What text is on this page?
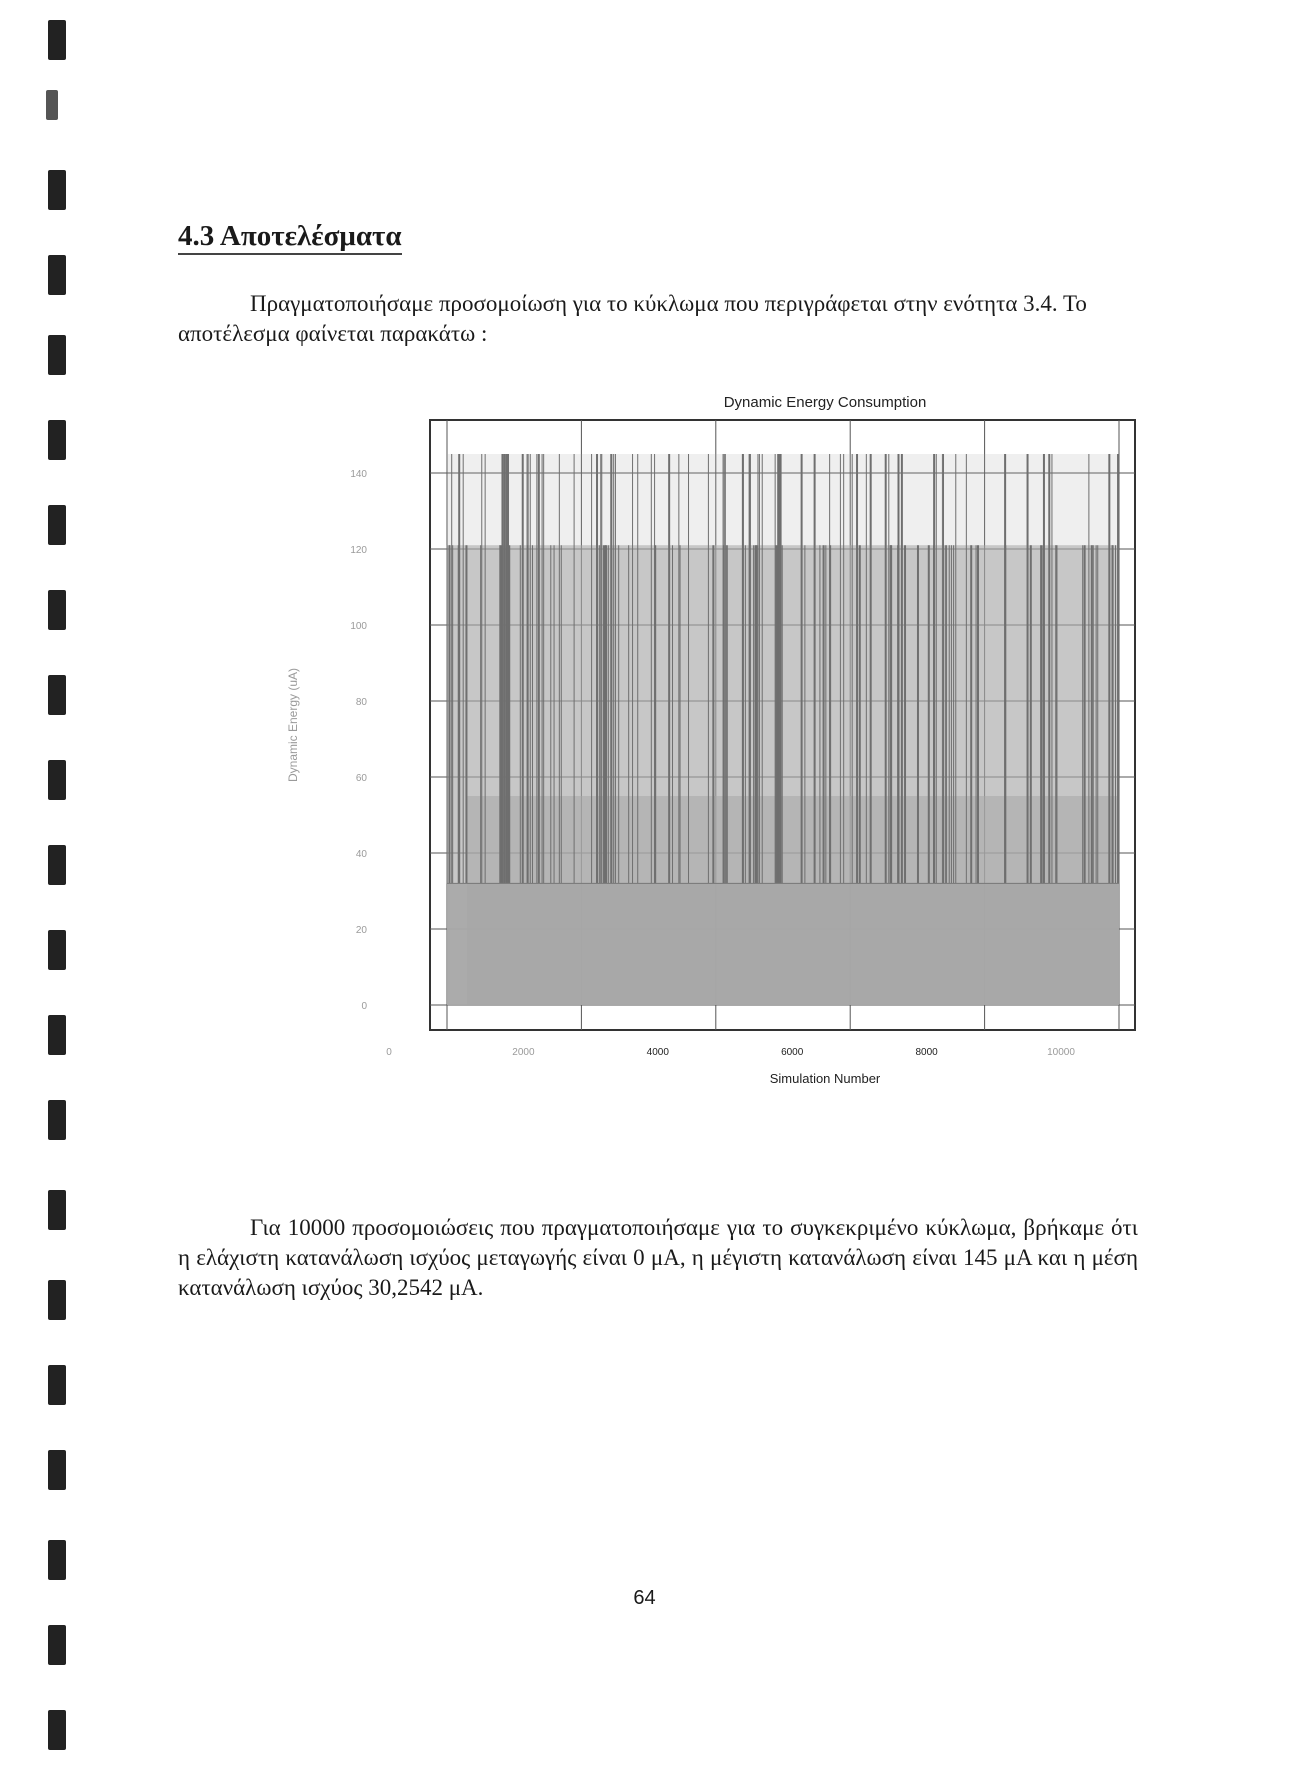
4.3 Αποτελέσματα

Πραγματοποιήσαμε προσομοίωση για το κύκλωμα που περιγράφεται στην ενότητα 3.4. Το αποτέλεσμα φαίνεται παρακάτω :

Dynamic Energy Consumption
0
20
40
60
80
100
120
140
0	2000	4000	6000	8000	10000
Dynamic Energy (uA)
Simulation Number

Για 10000 προσομοιώσεις που πραγματοποιήσαμε για το συγκεκριμένο κύκλωμα, βρήκαμε ότι η ελάχιστη κατανάλωση ισχύος μεταγωγής είναι 0 μA, η μέγιστη κατανάλωση είναι 145 μA και η μέση κατανάλωση ισχύος 30,2542 μA.

64
